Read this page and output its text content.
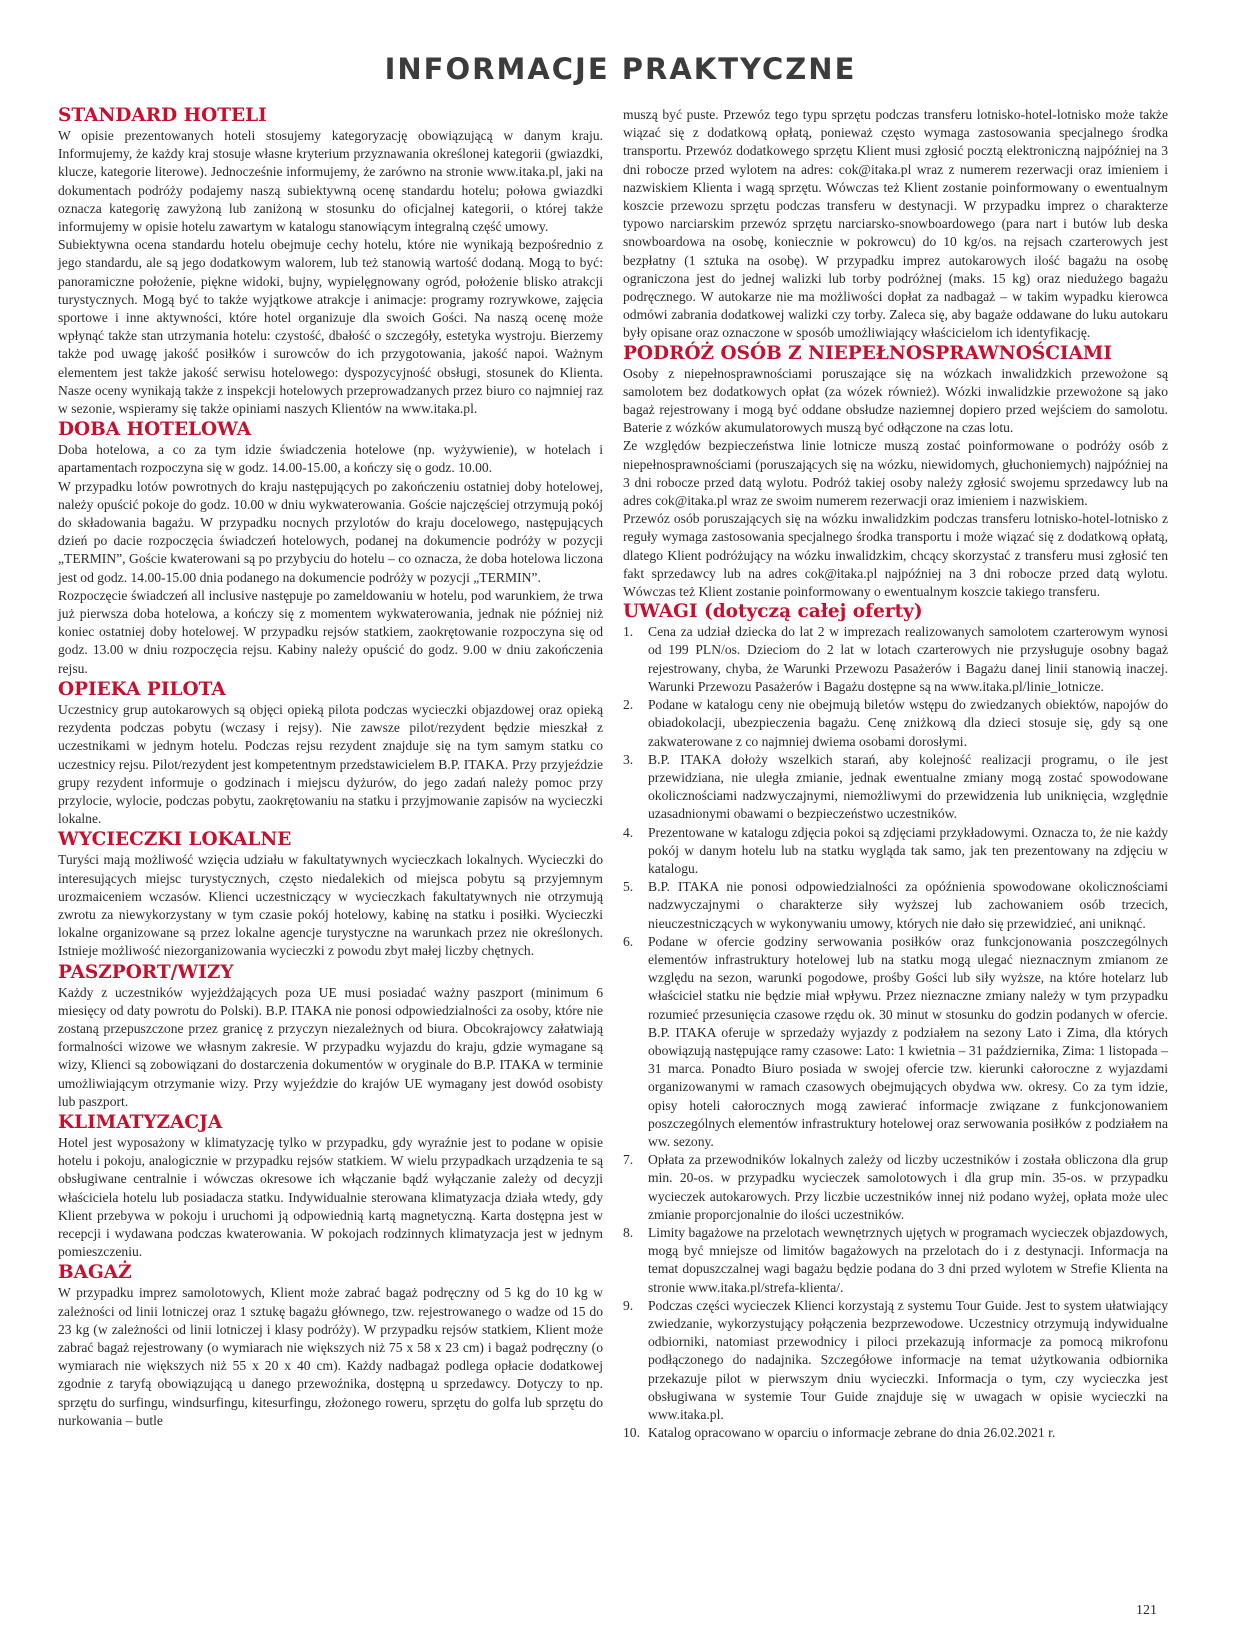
INFORMACJE PRAKTYCZNE
STANDARD HOTELI

W opisie prezentowanych hoteli stosujemy kategoryzację obowiązującą w danym kraju. Informujemy, że każdy kraj stosuje własne kryterium przyznawania określonej kategorii (gwiazdki, klucze, kategorie literowe). Jednocześnie informujemy, że zarówno na stronie www.itaka.pl, jaki na dokumentach podróży podajemy naszą subiektywną ocenę standardu hotelu; połowa gwiazdki oznacza kategorię zawyżoną lub zaniżoną w stosunku do oficjalnej kategorii, o której także informujemy w opisie hotelu zawartym w katalogu stanowiącym integralną część umowy.

Subiektywna ocena standardu hotelu obejmuje cechy hotelu, które nie wynikają bezpośrednio z jego standardu, ale są jego dodatkowym walorem, lub też stanowią wartość dodaną. Mogą to być: panoramiczne położenie, piękne widoki, bujny, wypielęgnowany ogród, położenie blisko atrakcji turystycznych. Mogą być to także wyjątkowe atrakcje i animacje: programy rozrywkowe, zajęcia sportowe i inne aktywności, które hotel organizuje dla swoich Gości. Na naszą ocenę może wpłynąć także stan utrzymania hotelu: czystość, dbałość o szczegóły, estetyka wystroju. Bierzemy także pod uwagę jakość posiłków i surowców do ich przygotowania, jakość napoi. Ważnym elementem jest także jakość serwisu hotelowego: dyspozycyjność obsługi, stosunek do Klienta. Nasze oceny wynikają także z inspekcji hotelowych przeprowadzanych przez biuro co najmniej raz w sezonie, wspieramy się także opiniami naszych Klientów na www.itaka.pl.

DOBA HOTELOWA

Doba hotelowa, a co za tym idzie świadczenia hotelowe (np. wyżywienie), w hotelach i apartamentach rozpoczyna się w godz. 14.00-15.00, a kończy się o godz. 10.00.

W przypadku lotów powrotnych do kraju następujących po zakończeniu ostatniej doby hotelowej, należy opuścić pokoje do godz. 10.00 w dniu wykwaterowania. Goście najczęściej otrzymują pokój do składowania bagażu. W przypadku nocnych przylotów do kraju docelowego, następujących dzień po dacie rozpoczęcia świadczeń hotelowych, podanej na dokumencie podróży w pozycji „TERMIN”, Goście kwaterowani są po przybyciu do hotelu – co oznacza, że doba hotelowa liczona jest od godz. 14.00-15.00 dnia podanego na dokumencie podróży w pozycji „TERMIN”.

Rozpoczęcie świadczeń all inclusive następuje po zameldowaniu w hotelu, pod warunkiem, że trwa już pierwsza doba hotelowa, a kończy się z momentem wykwaterowania, jednak nie później niż koniec ostatniej doby hotelowej. W przypadku rejsów statkiem, zaokrętowanie rozpoczyna się od godz. 13.00 w dniu rozpoczęcia rejsu. Kabiny należy opuścić do godz. 9.00 w dniu zakończenia rejsu.

OPIEKA PILOTA

Uczestnicy grup autokarowych są objęci opieką pilota podczas wycieczki objazdowej oraz opieką rezydenta podczas pobytu (wczasy i rejsy). Nie zawsze pilot/rezydent będzie mieszkał z uczestnikami w jednym hotelu. Podczas rejsu rezydent znajduje się na tym samym statku co uczestnicy rejsu. Pilot/rezydent jest kompetentnym przedstawicielem B.P. ITAKA. Przy przyjeździe grupy rezydent informuje o godzinach i miejscu dyżurów, do jego zadań należy pomoc przy przylocie, wylocie, podczas pobytu, zaokrętowaniu na statku i przyjmowanie zapisów na wycieczki lokalne.

WYCIECZKI LOKALNE

Turyści mają możliwość wzięcia udziału w fakultatywnych wycieczkach lokalnych. Wycieczki do interesujących miejsc turystycznych, często niedalekich od miejsca pobytu są przyjemnym urozmaiceniem wczasów. Klienci uczestniczący w wycieczkach fakultatywnych nie otrzymują zwrotu za niewykorzystany w tym czasie pokój hotelowy, kabinę na statku i posiłki. Wycieczki lokalne organizowane są przez lokalne agencje turystyczne na warunkach przez nie określonych. Istnieje możliwość niezorganizowania wycieczki z powodu zbyt małej liczby chętnych.

PASZPORT/WIZY

Każdy z uczestników wyjeżdżających poza UE musi posiadać ważny paszport (minimum 6 miesięcy od daty powrotu do Polski). B.P. ITAKA nie ponosi odpowiedzialności za osoby, które nie zostaną przepuszczone przez granicę z przyczyn niezależnych od biura. Obcokrajowcy załatwiają formalności wizowe we własnym zakresie. W przypadku wyjazdu do kraju, gdzie wymagane są wizy, Klienci są zobowiązani do dostarczenia dokumentów w oryginale do B.P. ITAKA w terminie umożliwiającym otrzymanie wizy. Przy wyjeździe do krajów UE wymagany jest dowód osobisty lub paszport.

KLIMATYZACJA

Hotel jest wyposażony w klimatyzację tylko w przypadku, gdy wyraźnie jest to podane w opisie hotelu i pokoju, analogicznie w przypadku rejsów statkiem. W wielu przypadkach urządzenia te są obsługiwane centralnie i wówczas okresowe ich włączanie bądź wyłączanie zależy od decyzji właściciela hotelu lub posiadacza statku. Indywidualnie sterowana klimatyzacja działa wtedy, gdy Klient przebywa w pokoju i uruchomi ją odpowiednią kartą magnetyczną. Karta dostępna jest w recepcji i wydawana podczas kwaterowania. W pokojach rodzinnych klimatyzacja jest w jednym pomieszczeniu.

BAGAŻ

W przypadku imprez samolotowych, Klient może zabrać bagaż podręczny od 5 kg do 10 kg w zależności od linii lotniczej oraz 1 sztukę bagażu głównego, tzw. rejestrowanego o wadze od 15 do 23 kg (w zależności od linii lotniczej i klasy podróży). W przypadku rejsów statkiem, Klient może zabrać bagaż rejestrowany (o wymiarach nie większych niż 75 x 58 x 23 cm) i bagaż podręczny (o wymiarach nie większych niż 55 x 20 x 40 cm). Każdy nadbagaż podlega opłacie dodatkowej zgodnie z taryfą obowiązującą u danego przewoźnika, dostępną u sprzedawcy. Dotyczy to np. sprzętu do surfingu, windsurfingu, kitesurfingu, złożonego roweru, sprzętu do golfa lub sprzętu do nurkowania – butle

muszą być puste. Przewóz tego typu sprzętu podczas transferu lotnisko-hotel-lotnisko może także wiązać się z dodatkową opłatą, ponieważ często wymaga zastosowania specjalnego środka transportu. Przewóz dodatkowego sprzętu Klient musi zgłosić pocztą elektroniczną najpóźniej na 3 dni robocze przed wylotem na adres: cok@itaka.pl wraz z numerem rezerwacji oraz imieniem i nazwiskiem Klienta i wagą sprzętu. Wówczas też Klient zostanie poinformowany o ewentualnym koszcie przewozu sprzętu podczas transferu w destynacji. W przypadku imprez o charakterze typowo narciarskim przewóz sprzętu narciarsko-snowboardowego (para nart i butów lub deska snowboardowa na osobę, koniecznie w pokrowcu) do 10 kg/os. na rejsach czarterowych jest bezpłatny (1 sztuka na osobę). W przypadku imprez autokarowych ilość bagażu na osobę ograniczona jest do jednej walizki lub torby podróżnej (maks. 15 kg) oraz niedużego bagażu podręcznego. W autokarze nie ma możliwości dopłat za nadbagaż – w takim wypadku kierowca odmówi zabrania dodatkowej walizki czy torby. Zaleca się, aby bagaże oddawane do luku autokaru były opisane oraz oznaczone w sposób umożliwiający właścicielom ich identyfikację.

PODRÓŻ OSÓB Z NIEPEŁNOSPRAWNOŚCIAMI

Osoby z niepełnosprawnościami poruszające się na wózkach inwalidzkich przewożone są samolotem bez dodatkowych opłat (za wózek również). Wózki inwalidzkie przewożone są jako bagaż rejestrowany i mogą być oddane obsłudze naziemnej dopiero przed wejściem do samolotu. Baterie z wózków akumulatorowych muszą być odłączone na czas lotu.

Ze względów bezpieczeństwa linie lotnicze muszą zostać poinformowane o podróży osób z niepełnosprawnościami (poruszających się na wózku, niewidomych, głuchoniemych) najpóźniej na 3 dni robocze przed datą wylotu. Podróż takiej osoby należy zgłosić swojemu sprzedawcy lub na adres cok@itaka.pl wraz ze swoim numerem rezerwacji oraz imieniem i nazwiskiem.

Przewóz osób poruszających się na wózku inwalidzkim podczas transferu lotnisko-hotel-lotnisko z reguły wymaga zastosowania specjalnego środka transportu i może wiązać się z dodatkową opłatą, dlatego Klient podróżujący na wózku inwalidzkim, chcący skorzystać z transferu musi zgłosić ten fakt sprzedawcy lub na adres cok@itaka.pl najpóźniej na 3 dni robocze przed datą wylotu. Wówczas też Klient zostanie poinformowany o ewentualnym koszcie takiego transferu.

UWAGI (dotyczą całej oferty)
1.	Cena za udział dziecka do lat 2 w imprezach realizowanych samolotem czarterowym wynosi od 199 PLN/os. Dzieciom do 2 lat w lotach czarterowych nie przysługuje osobny bagaż rejestrowany, chyba, że Warunki Przewozu Pasażerów i Bagażu danej linii stanowią inaczej. Warunki Przewozu Pasażerów i Bagażu dostępne są na www.itaka.pl/linie_lotnicze.
2.	Podane w katalogu ceny nie obejmują biletów wstępu do zwiedzanych obiektów, napojów do obiadokolacji, ubezpieczenia bagażu. Cenę zniżkową dla dzieci stosuje się, gdy są one zakwaterowane z co najmniej dwiema osobami dorosłymi.
3.	B.P. ITAKA dołoży wszelkich starań, aby kolejność realizacji programu, o ile jest przewidziana, nie uległa zmianie, jednak ewentualne zmiany mogą zostać spowodowane okolicznościami nadzwyczajnymi, niemożliwymi do przewidzenia lub uniknięcia, względnie uzasadnionymi obawami o bezpieczeństwo uczestników.
4.	Prezentowane w katalogu zdjęcia pokoi są zdjęciami przykładowymi. Oznacza to, że nie każdy pokój w danym hotelu lub na statku wygląda tak samo, jak ten prezentowany na zdjęciu w katalogu.
5.	B.P. ITAKA nie ponosi odpowiedzialności za opóźnienia spowodowane okolicznościami nadzwyczajnymi o charakterze siły wyższej lub zachowaniem osób trzecich, nieuczestniczących w wykonywaniu umowy, których nie dało się przewidzieć, ani uniknąć.
6.	Podane w ofercie godziny serwowania posiłków oraz funkcjonowania poszczególnych elementów infrastruktury hotelowej lub na statku mogą ulegać nieznacznym zmianom ze względu na sezon, warunki pogodowe, prośby Gości lub siły wyższe, na które hotelarz lub właściciel statku nie będzie miał wpływu. Przez nieznaczne zmiany należy w tym przypadku rozumieć przesunięcia czasowe rzędu ok. 30 minut w stosunku do godzin podanych w ofercie. B.P. ITAKA oferuje w sprzedaży wyjazdy z podziałem na sezony Lato i Zima, dla których obowiązują następujące ramy czasowe: Lato: 1 kwietnia – 31 października, Zima: 1 listopada – 31 marca. Ponadto Biuro posiada w swojej ofercie tzw. kierunki całoroczne z wyjazdami organizowanymi w ramach czasowych obejmujących obydwa ww. okresy. Co za tym idzie, opisy hoteli całorocznych mogą zawierać informacje związane z funkcjonowaniem poszczególnych elementów infrastruktury hotelowej oraz serwowania posiłków z podziałem na ww. sezony.
7.	Opłata za przewodników lokalnych zależy od liczby uczestników i została obliczona dla grup min. 20-os. w przypadku wycieczek samolotowych i dla grup min. 35-os. w przypadku wycieczek autokarowych. Przy liczbie uczestników innej niż podano wyżej, opłata może ulec zmianie proporcjonalnie do ilości uczestników.
8.	Limity bagażowe na przelotach wewnętrznych ujętych w programach wycieczek objazdowych, mogą być mniejsze od limitów bagażowych na przelotach do i z destynacji. Informacja na temat dopuszczalnej wagi bagażu będzie podana do 3 dni przed wylotem w Strefie Klienta na stronie www.itaka.pl/strefa-klienta/.
9.	Podczas części wycieczek Klienci korzystają z systemu Tour Guide. Jest to system ułatwiający zwiedzanie, wykorzystujący połączenia bezprzewodowe. Uczestnicy otrzymują indywidualne odbiorniki, natomiast przewodnicy i piloci przekazują informacje za pomocą mikrofonu podłączonego do nadajnika. Szczegółowe informacje na temat użytkowania odbiornika przekazuje pilot w pierwszym dniu wycieczki. Informacja o tym, czy wycieczka jest obsługiwana w systemie Tour Guide znajduje się w uwagach w opisie wycieczki na www.itaka.pl.
10. Katalog opracowano w oparciu o informacje zebrane do dnia 26.02.2021 r.
121
